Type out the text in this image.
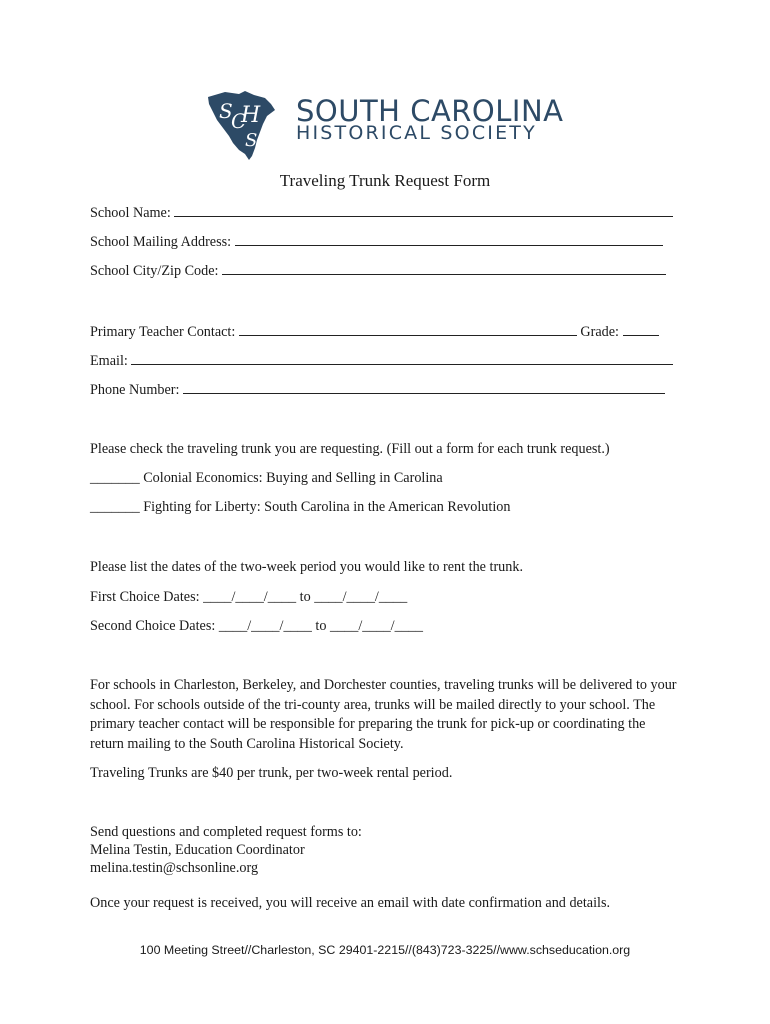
S
C
H
S
SOUTH CAROLINA
HISTORICAL SOCIETY
Traveling Trunk Request Form
School Name:
School Mailing Address:
School City/Zip Code:
Primary Teacher Contact:	Grade:
Email:
Phone Number:
Please check the traveling trunk you are requesting. (Fill out a form for each trunk request.)
_______ Colonial Economics: Buying and Selling in Carolina
_______ Fighting for Liberty: South Carolina in the American Revolution
Please list the dates of the two-week period you would like to rent the trunk.
First Choice Dates: ____/____/____ to ____/____/____
Second Choice Dates: ____/____/____ to ____/____/____
For schools in Charleston, Berkeley, and Dorchester counties, traveling trunks will be delivered to your school. For schools outside of the tri-county area, trunks will be mailed directly to your school. The primary teacher contact will be responsible for preparing the trunk for pick-up or coordinating the return mailing to the South Carolina Historical Society.
Traveling Trunks are $40 per trunk, per two-week rental period.
Send questions and completed request forms to:
Melina Testin, Education Coordinator
melina.testin@schsonline.org
Once your request is received, you will receive an email with date confirmation and details.
100 Meeting Street//Charleston, SC 29401-2215//(843)723-3225//www.schseducation.org
